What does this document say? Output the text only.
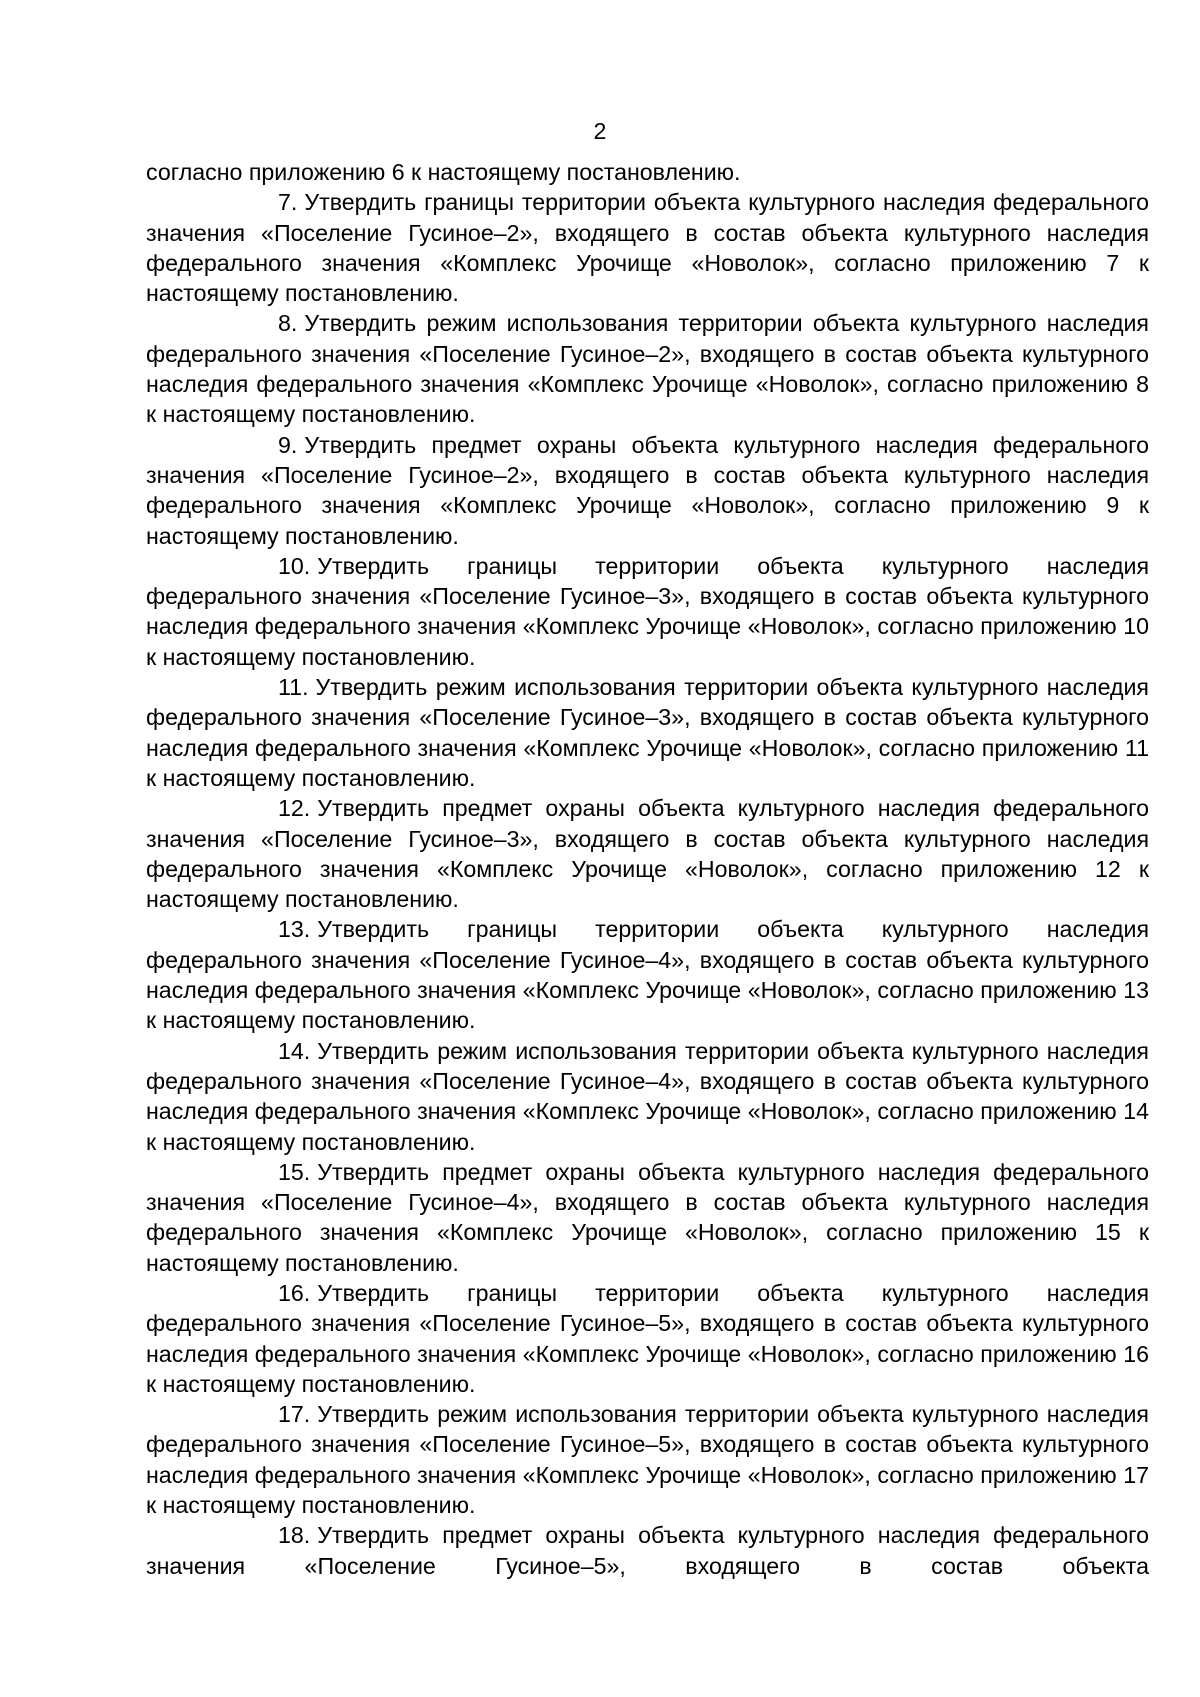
2

согласно приложению 6 к настоящему постановлению.

7. Утвердить границы территории объекта культурного наследия федерального значения «Поселение Гусиное–2», входящего в состав объекта культурного наследия федерального значения «Комплекс Урочище «Новолок», согласно приложению 7 к настоящему постановлению.

8. Утвердить режим использования территории объекта культурного наследия федерального значения «Поселение Гусиное–2», входящего в состав объекта культурного наследия федерального значения «Комплекс Урочище «Новолок», согласно приложению 8 к настоящему постановлению.

9. Утвердить предмет охраны объекта культурного наследия федерального значения «Поселение Гусиное–2», входящего в состав объекта культурного наследия федерального значения «Комплекс Урочище «Новолок», согласно приложению 9 к настоящему постановлению.

10. Утвердить границы территории объекта культурного наследия федерального значения «Поселение Гусиное–3», входящего в состав объекта культурного наследия федерального значения «Комплекс Урочище «Новолок», согласно приложению 10 к настоящему постановлению.

11. Утвердить режим использования территории объекта культурного наследия федерального значения «Поселение Гусиное–3», входящего в состав объекта культурного наследия федерального значения «Комплекс Урочище «Новолок», согласно приложению 11 к настоящему постановлению.

12. Утвердить предмет охраны объекта культурного наследия федерального значения «Поселение Гусиное–3», входящего в состав объекта культурного наследия федерального значения «Комплекс Урочище «Новолок», согласно приложению 12 к настоящему постановлению.

13. Утвердить границы территории объекта культурного наследия федерального значения «Поселение Гусиное–4», входящего в состав объекта культурного наследия федерального значения «Комплекс Урочище «Новолок», согласно приложению 13 к настоящему постановлению.

14. Утвердить режим использования территории объекта культурного наследия федерального значения «Поселение Гусиное–4», входящего в состав объекта культурного наследия федерального значения «Комплекс Урочище «Новолок», согласно приложению 14 к настоящему постановлению.

15. Утвердить предмет охраны объекта культурного наследия федерального значения «Поселение Гусиное–4», входящего в состав объекта культурного наследия федерального значения «Комплекс Урочище «Новолок», согласно приложению 15 к настоящему постановлению.

16. Утвердить границы территории объекта культурного наследия федерального значения «Поселение Гусиное–5», входящего в состав объекта культурного наследия федерального значения «Комплекс Урочище «Новолок», согласно приложению 16 к настоящему постановлению.

17. Утвердить режим использования территории объекта культурного наследия федерального значения «Поселение Гусиное–5», входящего в состав объекта культурного наследия федерального значения «Комплекс Урочище «Новолок», согласно приложению 17 к настоящему постановлению.

18. Утвердить предмет охраны объекта культурного наследия федерального значения «Поселение Гусиное–5», входящего в состав объекта
